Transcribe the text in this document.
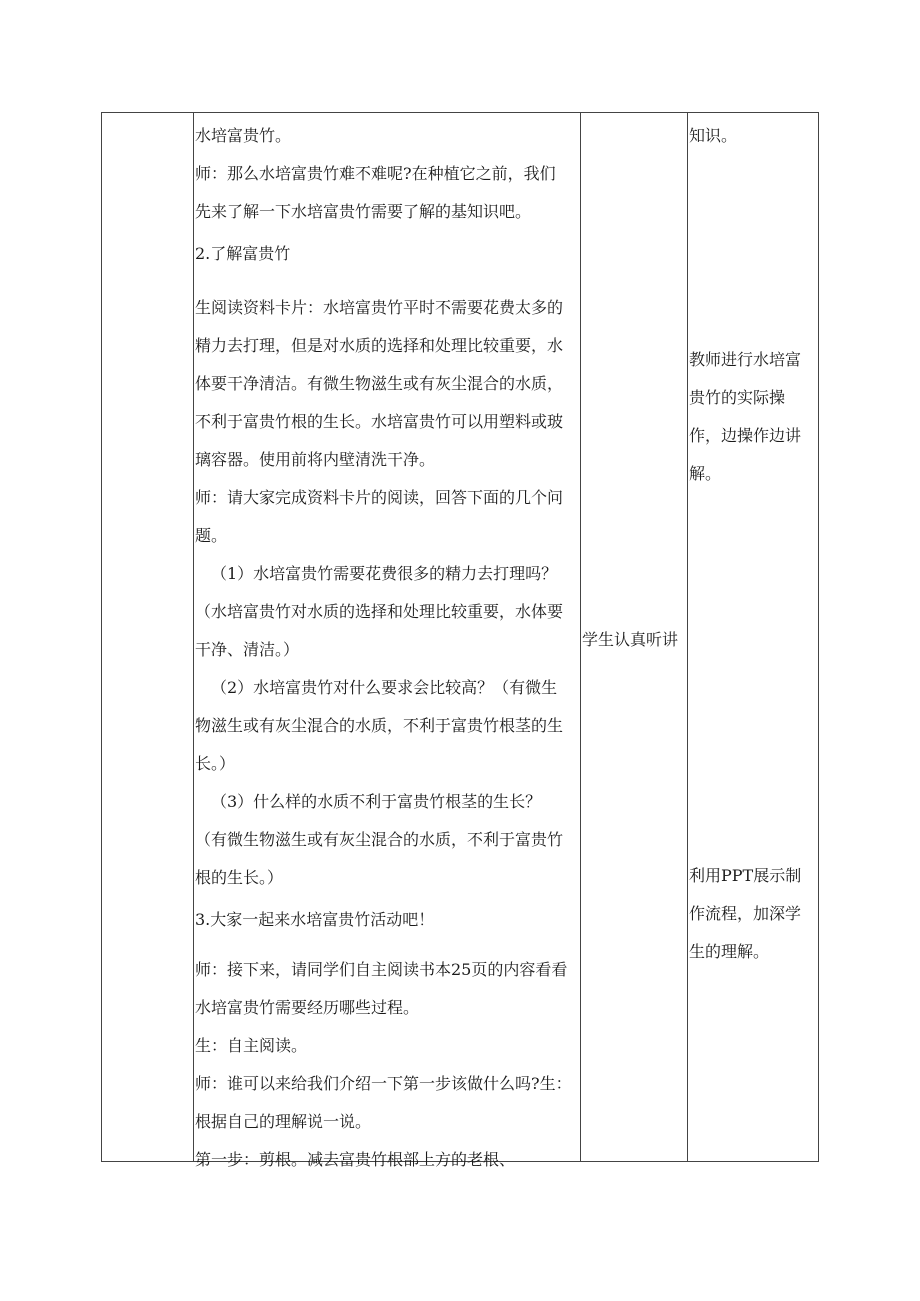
水培富贵竹。

师：那么水培富贵竹难不难呢?在种植它之前，我们

先来了解一下水培富贵竹需要了解的基知识吧。

2.了解富贵竹

生阅读资料卡片：水培富贵竹平时不需要花费太多的

精力去打理，但是对水质的选择和处理比较重要，水

体要干净清洁。有微生物滋生或有灰尘混合的水质，

不利于富贵竹根的生长。水培富贵竹可以用塑料或玻

璃容器。使用前将内壁清洗干净。

师：请大家完成资料卡片的阅读，回答下面的几个问

题。

（1）水培富贵竹需要花费很多的精力去打理吗？

（水培富贵竹对水质的选择和处理比较重要，水体要

干净、清洁。）

（2）水培富贵竹对什么要求会比较高？（有微生

物滋生或有灰尘混合的水质，不利于富贵竹根茎的生

长。）

（3）什么样的水质不利于富贵竹根茎的生长？

（有微生物滋生或有灰尘混合的水质，不利于富贵竹

根的生长。）

3.大家一起来水培富贵竹活动吧！

师：接下来，请同学们自主阅读书本25页的内容看看

水培富贵竹需要经历哪些过程。

生：自主阅读。

师：谁可以来给我们介绍一下第一步该做什么吗?生：

根据自己的理解说一说。

第一步：剪根。减去富贵竹根部上方的老根、

学生认真听讲

知识。

教师进行水培富

贵竹的实际操

作，边操作边讲

解。

利用PPT展示制

作流程，加深学

生的理解。
